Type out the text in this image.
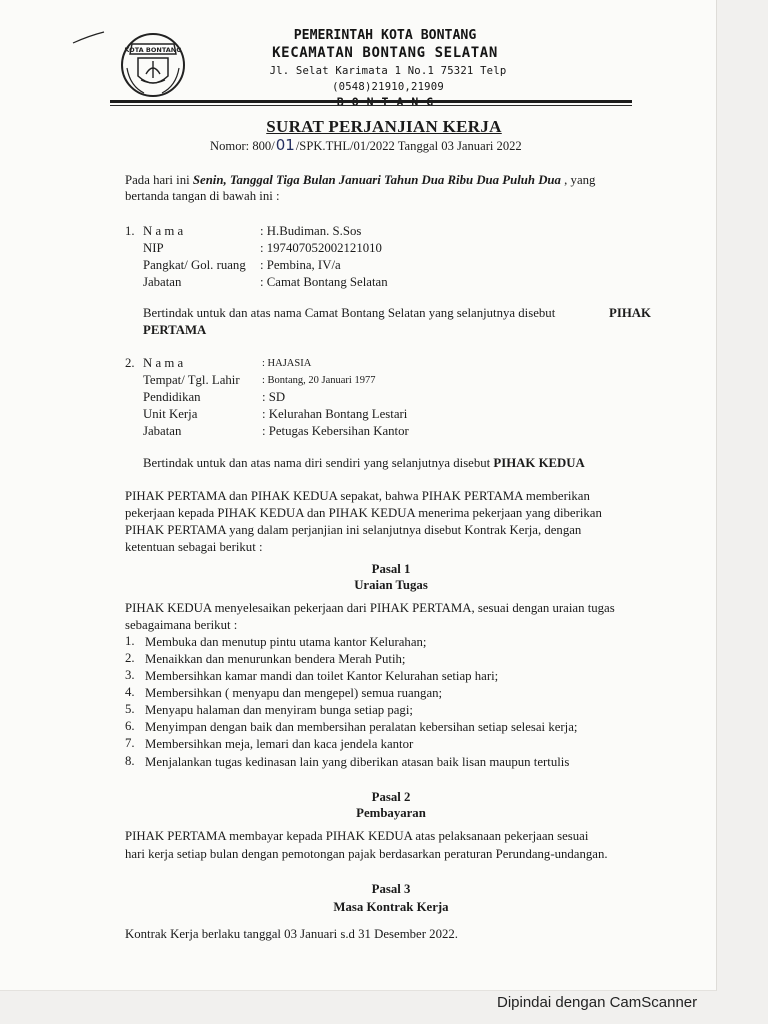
KOTA BONTANG
PEMERINTAH KOTA BONTANG
KECAMATAN BONTANG SELATAN
Jl. Selat Karimata 1 No.1 75321 Telp (0548)21910,21909
SURAT PERJANJIAN KERJA
Nomor: 800/01/SPK.THL/01/2022 Tanggal 03 Januari 2022
Pada hari ini Senin, Tanggal Tiga Bulan Januari Tahun Dua Ribu Dua Puluh Dua , yang
bertanda tangan di bawah ini :
1. N a m a	: H.Budiman. S.Sos
NIP	: 197407052002121010
Pangkat/ Gol. ruang : Pembina, IV/a
Jabatan	: Camat Bontang Selatan
Bertindak untuk dan atas nama Camat Bontang Selatan yang selanjutnya disebut	PIHAK
PERTAMA
2. N a m a	: HAJASIA
Tempat/ Tgl. Lahir : Bontang, 20 Januari 1977
Pendidikan	: SD
Unit Kerja	: Kelurahan Bontang Lestari
Jabatan	: Petugas Kebersihan Kantor
Bertindak untuk dan atas nama diri sendiri yang selanjutnya disebut PIHAK KEDUA
PIHAK PERTAMA dan PIHAK KEDUA sepakat, bahwa PIHAK PERTAMA memberikan
pekerjaan kepada PIHAK KEDUA dan PIHAK KEDUA menerima pekerjaan yang diberikan
PIHAK PERTAMA yang dalam perjanjian ini selanjutnya disebut Kontrak Kerja, dengan
ketentuan sebagai berikut :
Pasal 1
Uraian Tugas
PIHAK KEDUA menyelesaikan pekerjaan dari PIHAK PERTAMA, sesuai dengan uraian tugas
sebagaimana berikut :
1. Membuka dan menutup pintu utama kantor Kelurahan;
2. Menaikkan dan menurunkan bendera Merah Putih;
3. Membersihkan kamar mandi dan toilet Kantor Kelurahan setiap hari;
4. Membersihkan ( menyapu dan mengepel) semua ruangan;
5. Menyapu halaman dan menyiram bunga setiap pagi;
6. Menyimpan dengan baik dan membersihan peralatan kebersihan setiap selesai kerja;
7. Membersihkan meja, lemari dan kaca jendela kantor
8. Menjalankan tugas kedinasan lain yang diberikan atasan baik lisan maupun tertulis
Pasal 2
Pembayaran
PIHAK PERTAMA membayar kepada PIHAK KEDUA atas pelaksanaan pekerjaan sesuai
hari kerja setiap bulan dengan pemotongan pajak berdasarkan peraturan Perundang-undangan.
Pasal 3
Masa Kontrak Kerja
Kontrak Kerja berlaku tanggal 03 Januari s.d 31 Desember 2022.
Dipindai dengan CamScanner
